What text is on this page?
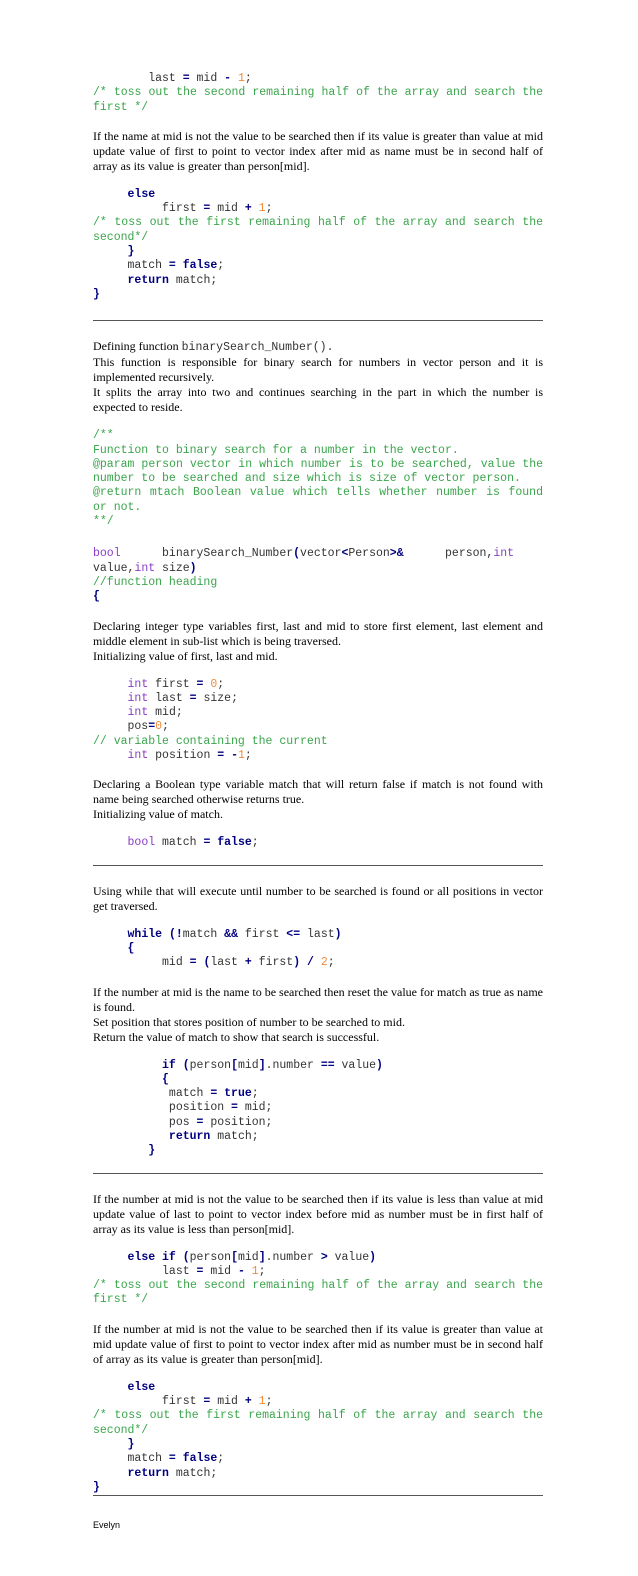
last = mid - 1;

/* toss out the second remaining half of the array and search the first */

If the name at mid is not the value to be searched then if its value is greater than value at mid update value of first to point to vector index after mid as name must be in second half of array as its value is greater than person[mid].

else
first = mid + 1;

/* toss out the first remaining half of the array and search the second*/

}
match = false;
return match;
}

Defining function binarySearch_Number().

This function is responsible for binary search for numbers in vector person and it is implemented recursively.

It splits the array into two and continues searching in the part in which the number is expected to reside.

/**
Function to binary search for a number in the vector.
@param person vector in which number is to be searched, value the number to be searched and size which is size of vector person.
@return mtach Boolean value which tells whether number is found or not.
**/

bool      binarySearch_Number(vector<Person>&      person,int
value,int size)
//function heading
{

Declaring integer type variables first, last and mid to store first element, last element and middle element in sub-list which is being traversed.

Initializing value of first, last and mid.

int first = 0;
int last = size;
int mid;
pos=0;
// variable containing the current
int position = -1;

Declaring a Boolean type variable match that will return false if match is not found with name being searched otherwise returns true.

Initializing value of match.

bool match = false;

Using while that will execute until number to be searched is found or all positions in vector get traversed.

while (!match && first <= last)
{
mid = (last + first) / 2;

If the number at mid is the name to be searched then reset the value for match as true as name is found.

Set position that stores position of number to be searched to mid.

Return the value of match to show that search is successful.

if (person[mid].number == value)
{
match = true;
position = mid;
pos = position;
return match;
}

If the number at mid is not the value to be searched then if its value is less than value at mid update value of last to point to vector index before mid as number must be in first half of array as its value is less than person[mid].

else if (person[mid].number > value)
last = mid - 1;

/* toss out the second remaining half of the array and search the first */

If the number at mid is not the value to be searched then if its value is greater than value at mid update value of first to point to vector index after mid as number must be in second half of array as its value is greater than person[mid].

else
first = mid + 1;

/* toss out the first remaining half of the array and search the second*/

}
match = false;
return match;
}
Evelyn
